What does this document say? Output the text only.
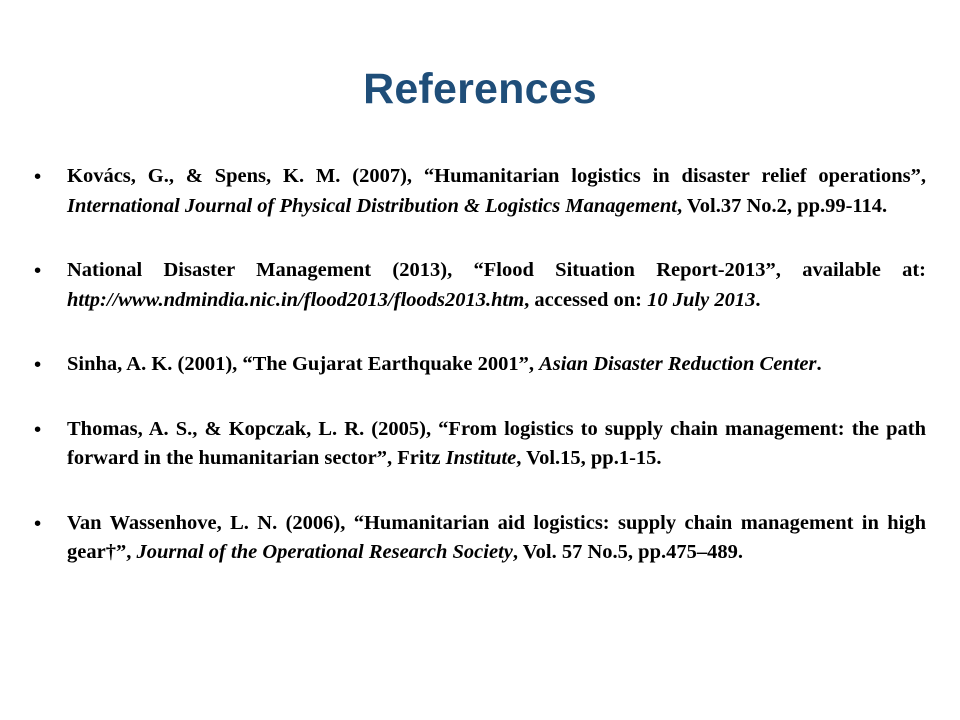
References
• Kovács, G., & Spens, K. M. (2007), “Humanitarian logistics in disaster relief operations”, International Journal of Physical Distribution & Logistics Management, Vol.37 No.2, pp.99-114.
• National Disaster Management (2013), “Flood Situation Report-2013”, available at: http://www.ndmindia.nic.in/flood2013/floods2013.htm, accessed on: 10 July 2013.
• Sinha, A. K. (2001), “The Gujarat Earthquake 2001”, Asian Disaster Reduction Center.
• Thomas, A. S., & Kopczak, L. R. (2005), “From logistics to supply chain management: the path forward in the humanitarian sector”, Fritz Institute, Vol.15, pp.1-15.
• Van Wassenhove, L. N. (2006), “Humanitarian aid logistics: supply chain management in high gear†”, Journal of the Operational Research Society, Vol. 57 No.5, pp.475–489.
